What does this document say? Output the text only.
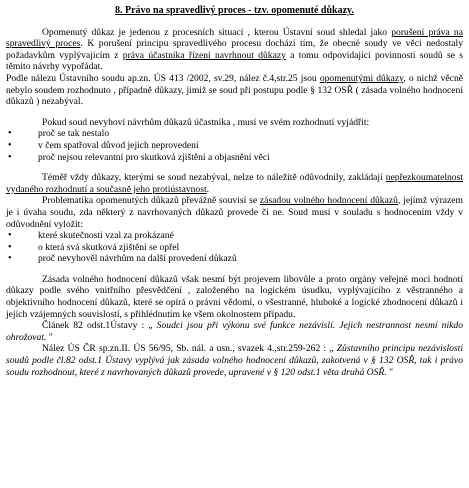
8. Právo na spravedlivý proces - tzv. opomenuté důkazy.
Opomenutý důkaz je jedenou z procesních situací , kterou Ústavní soud shledal jako porušení práva na spravedlivý proces. K porušení principu spravedlivého procesu dochází tím, že obecné soudy ve věci nedostaly požadavkům vyplývajícím z práva účastníka řízení navrhnout důkazy a tomu odpovídající povinnosti soudů se s těmito návrhy vypořádat.
Podle nálezu Ústavního soudu ap.zn. ÚS 413 /2002, sv.29, nález č.4,str.25 jsou opomenutými důkazy, o nichž věcně nebylo soudem rozhodnuto , případně důkazy, jimiž se soud při postupu podle § 132 OSŘ ( zásada volného hodnocení důkazů ) nezabýval.
Pokud soud nevyhoví návrhům důkazů účastníka , musí ve svém rozhodnutí vyjádřit:
• proč se tak nestalo
• v čem spatřoval důvod jejich neprovedení
• proč nejsou relevantní pro skutková zjištění a objasnění věci
Téměř vždy důkazy, kterými se soud nezabýval, nelze to náležitě odůvodnily, zakládají nepřezkoumatelnost vydaného rozhodnutí a současně jeho protiústavnost.
Problematika opomenutých důkazů převážně souvisí se zásadou volného hodnocení důkazů, jejímž výrazem je i úvaha soudu, zda některý z navrhovaných důkazů provede či ne. Soud musí v souladu s hodnocením vždy v odůvodnění vyložit:
• které skutečnosti vzal za prokázané
• o která svá skutková zjištění se opřel
• proč nevyhověl návrhům na další provedení důkazů
Zásada volného hodnocení důkazů však nesmí být projevem libovůle a proto orgány veřejné moci hodnotí důkazy podle svého vnitřního přesvědčení , založeného na logickém úsudku, vyplývajícího z věstranného a objektivního hodnocení důkazů, které se opírá o právní vědomí, o všestranné, hluboké a logické zhodnocení důkazů i jejich vzájemných souvislostí, s přihlédnutím ke všem okolnostem případu.
Článek 82 odst.1Ústavy : „ Soudci jsou při výkonu své funkce nezávislí. Jejich nestrannost nesmí nikdo ohrožovat. "
Nález ÚS ČR sp.zn.II. ÚS 56/95, Sb. nál. a usn., svazek 4.,str.259-262 : „ Zůstavního principu nezávislosti soudů podle čl.82 odst.1 Ústavy vyplývá jak zásada volného hodnocení důkazů, zakotvená v § 132 OSŘ, tak i právo soudu rozhodnout, které z navrhovaných důkazů provede, upravené v § 120 odst.1 věta druhá OSŘ. "
